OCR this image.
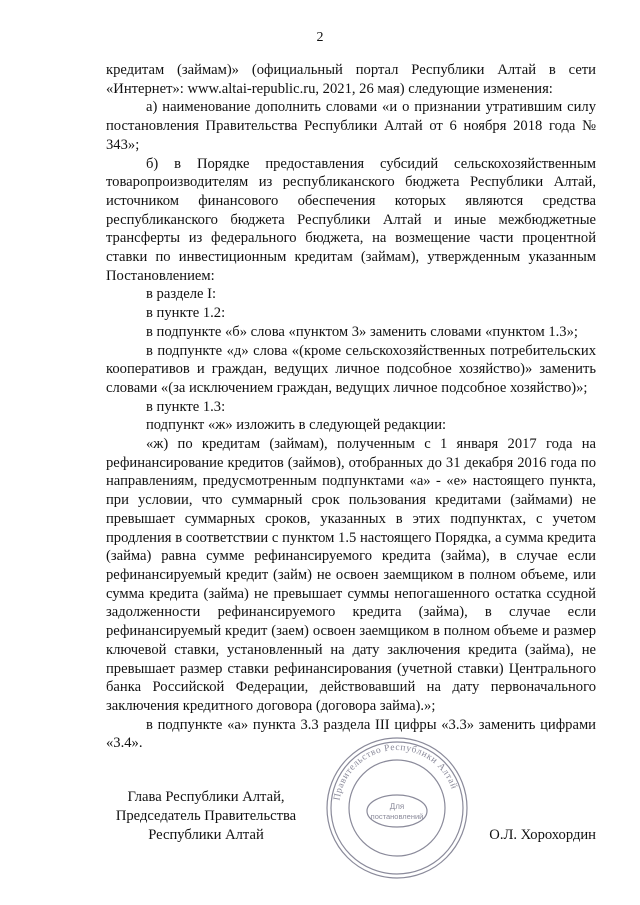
2

кредитам (займам)» (официальный портал Республики Алтай в сети «Интернет»: www.altai-republic.ru, 2021, 26 мая) следующие изменения:

а) наименование дополнить словами «и о признании утратившим силу постановления Правительства Республики Алтай от 6 ноября 2018 года № 343»;

б) в Порядке предоставления субсидий сельскохозяйственным товаропроизводителям из республиканского бюджета Республики Алтай, источником финансового обеспечения которых являются средства республиканского бюджета Республики Алтай и иные межбюджетные трансферты из федерального бюджета, на возмещение части процентной ставки по инвестиционным кредитам (займам), утвержденным указанным Постановлением:

в разделе I:

в пункте 1.2:

в подпункте «б» слова «пунктом 3» заменить словами «пунктом 1.3»;

в подпункте «д» слова «(кроме сельскохозяйственных потребительских кооперативов и граждан, ведущих личное подсобное хозяйство)» заменить словами «(за исключением граждан, ведущих личное подсобное хозяйство)»;

в пункте 1.3:

подпункт «ж» изложить в следующей редакции:

«ж) по кредитам (займам), полученным с 1 января 2017 года на рефинансирование кредитов (займов), отобранных до 31 декабря 2016 года по направлениям, предусмотренным подпунктами «а» - «е» настоящего пункта, при условии, что суммарный срок пользования кредитами (займами) не превышает суммарных сроков, указанных в этих подпунктах, с учетом продления в соответствии с пунктом 1.5 настоящего Порядка, а сумма кредита (займа) равна сумме рефинансируемого кредита (займа), в случае если рефинансируемый кредит (займ) не освоен заемщиком в полном объеме, или сумма кредита (займа) не превышает суммы непогашенного остатка ссудной задолженности рефинансируемого кредита (займа), в случае если рефинансируемый кредит (заем) освоен заемщиком в полном объеме и размер ключевой ставки, установленный на дату заключения кредита (займа), не превышает размер ставки рефинансирования (учетной ставки) Центрального банка Российской Федерации, действовавший на дату первоначального заключения кредитного договора (договора займа).»;

в подпункте «а» пункта 3.3 раздела III цифры «3.3» заменить цифрами «3.4».

Глава Республики Алтай,
Председатель Правительства
Республики Алтай	О.Л. Хорохордин
Правительство Республики Алтай
Для
постановлений
